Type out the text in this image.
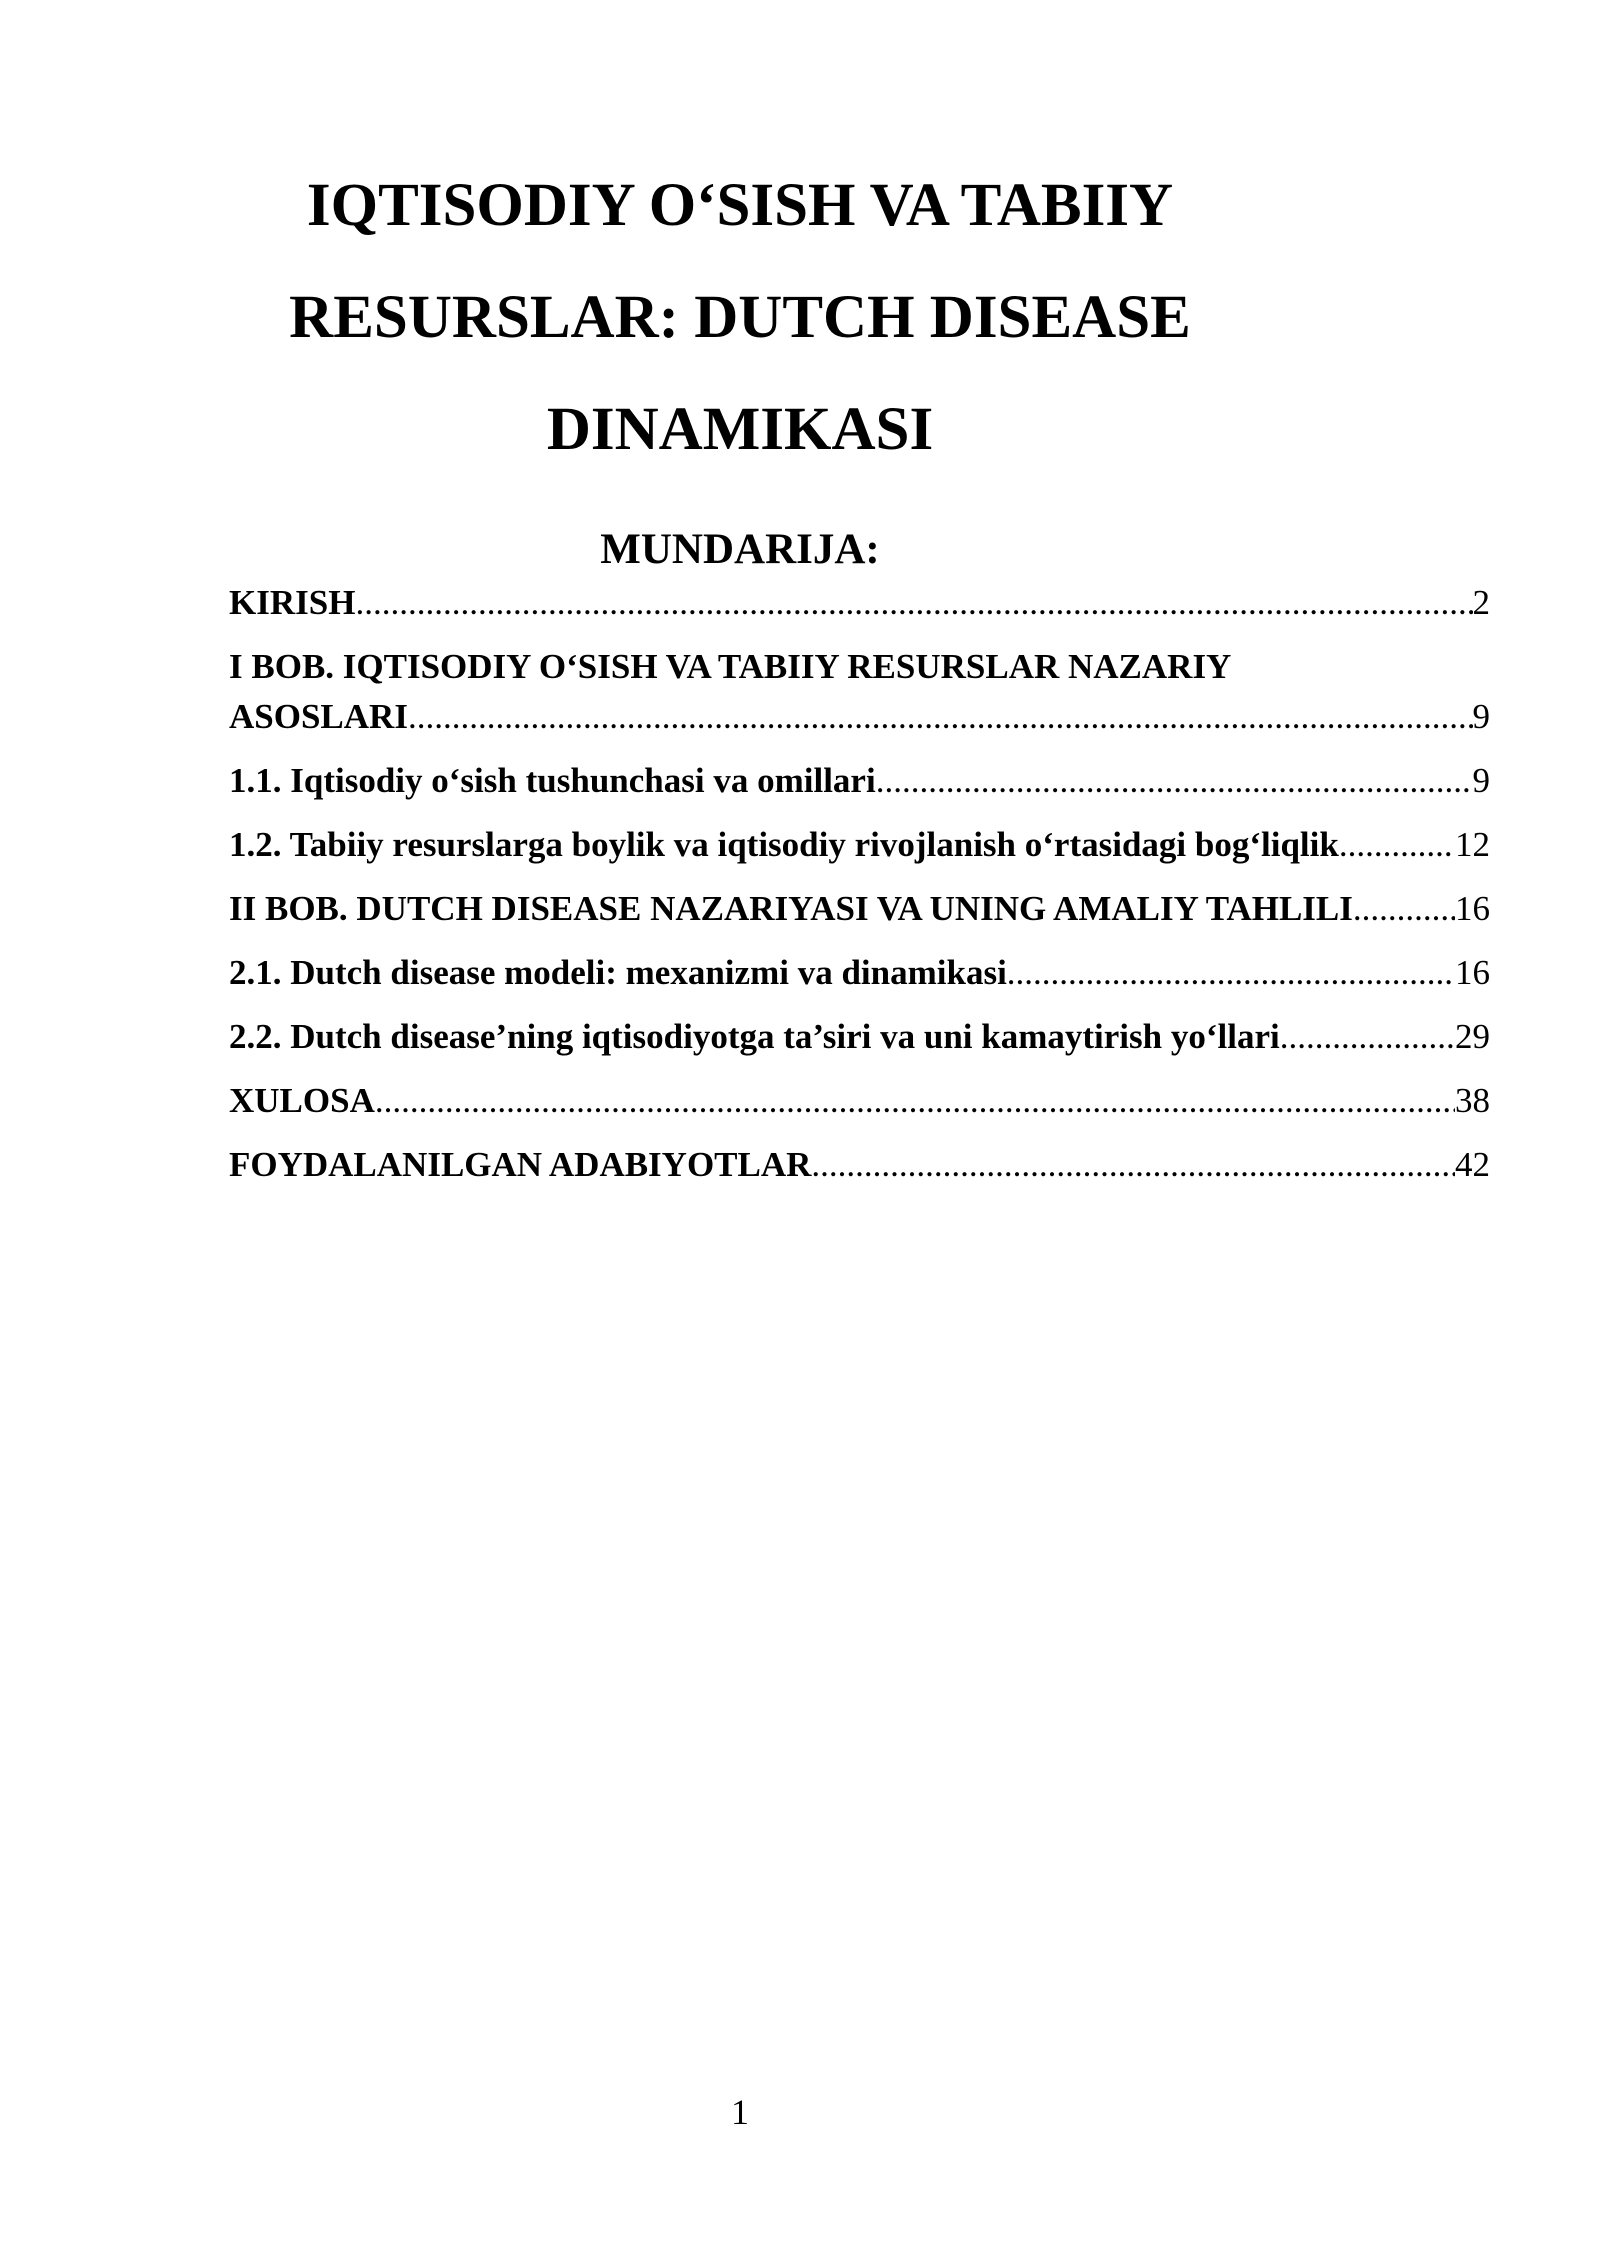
IQTISODIY O‘SISH VA TABIIY
RESURSLAR: DUTCH DISEASE
DINAMIKASI
MUNDARIJA:
KIRISH .....	2
I BOB. IQTISODIY O‘SISH VA TABIIY RESURSLAR NAZARIY
ASOSLARI .....	9
1.1. Iqtisodiy o‘sish tushunchasi va omillari .....	9
1.2. Tabiiy resurslarga boylik va iqtisodiy rivojlanish o‘rtasidagi bog‘liqlik .....	12
II BOB. DUTCH DISEASE NAZARIYASI VA UNING AMALIY TAHLILI .....	16
2.1. Dutch disease modeli: mexanizmi va dinamikasi .....	16
2.2. Dutch disease’ning iqtisodiyotga ta’siri va uni kamaytirish yo‘llari .....	29
XULOSA .....	38
FOYDALANILGAN ADABIYOTLAR .....	42
1
